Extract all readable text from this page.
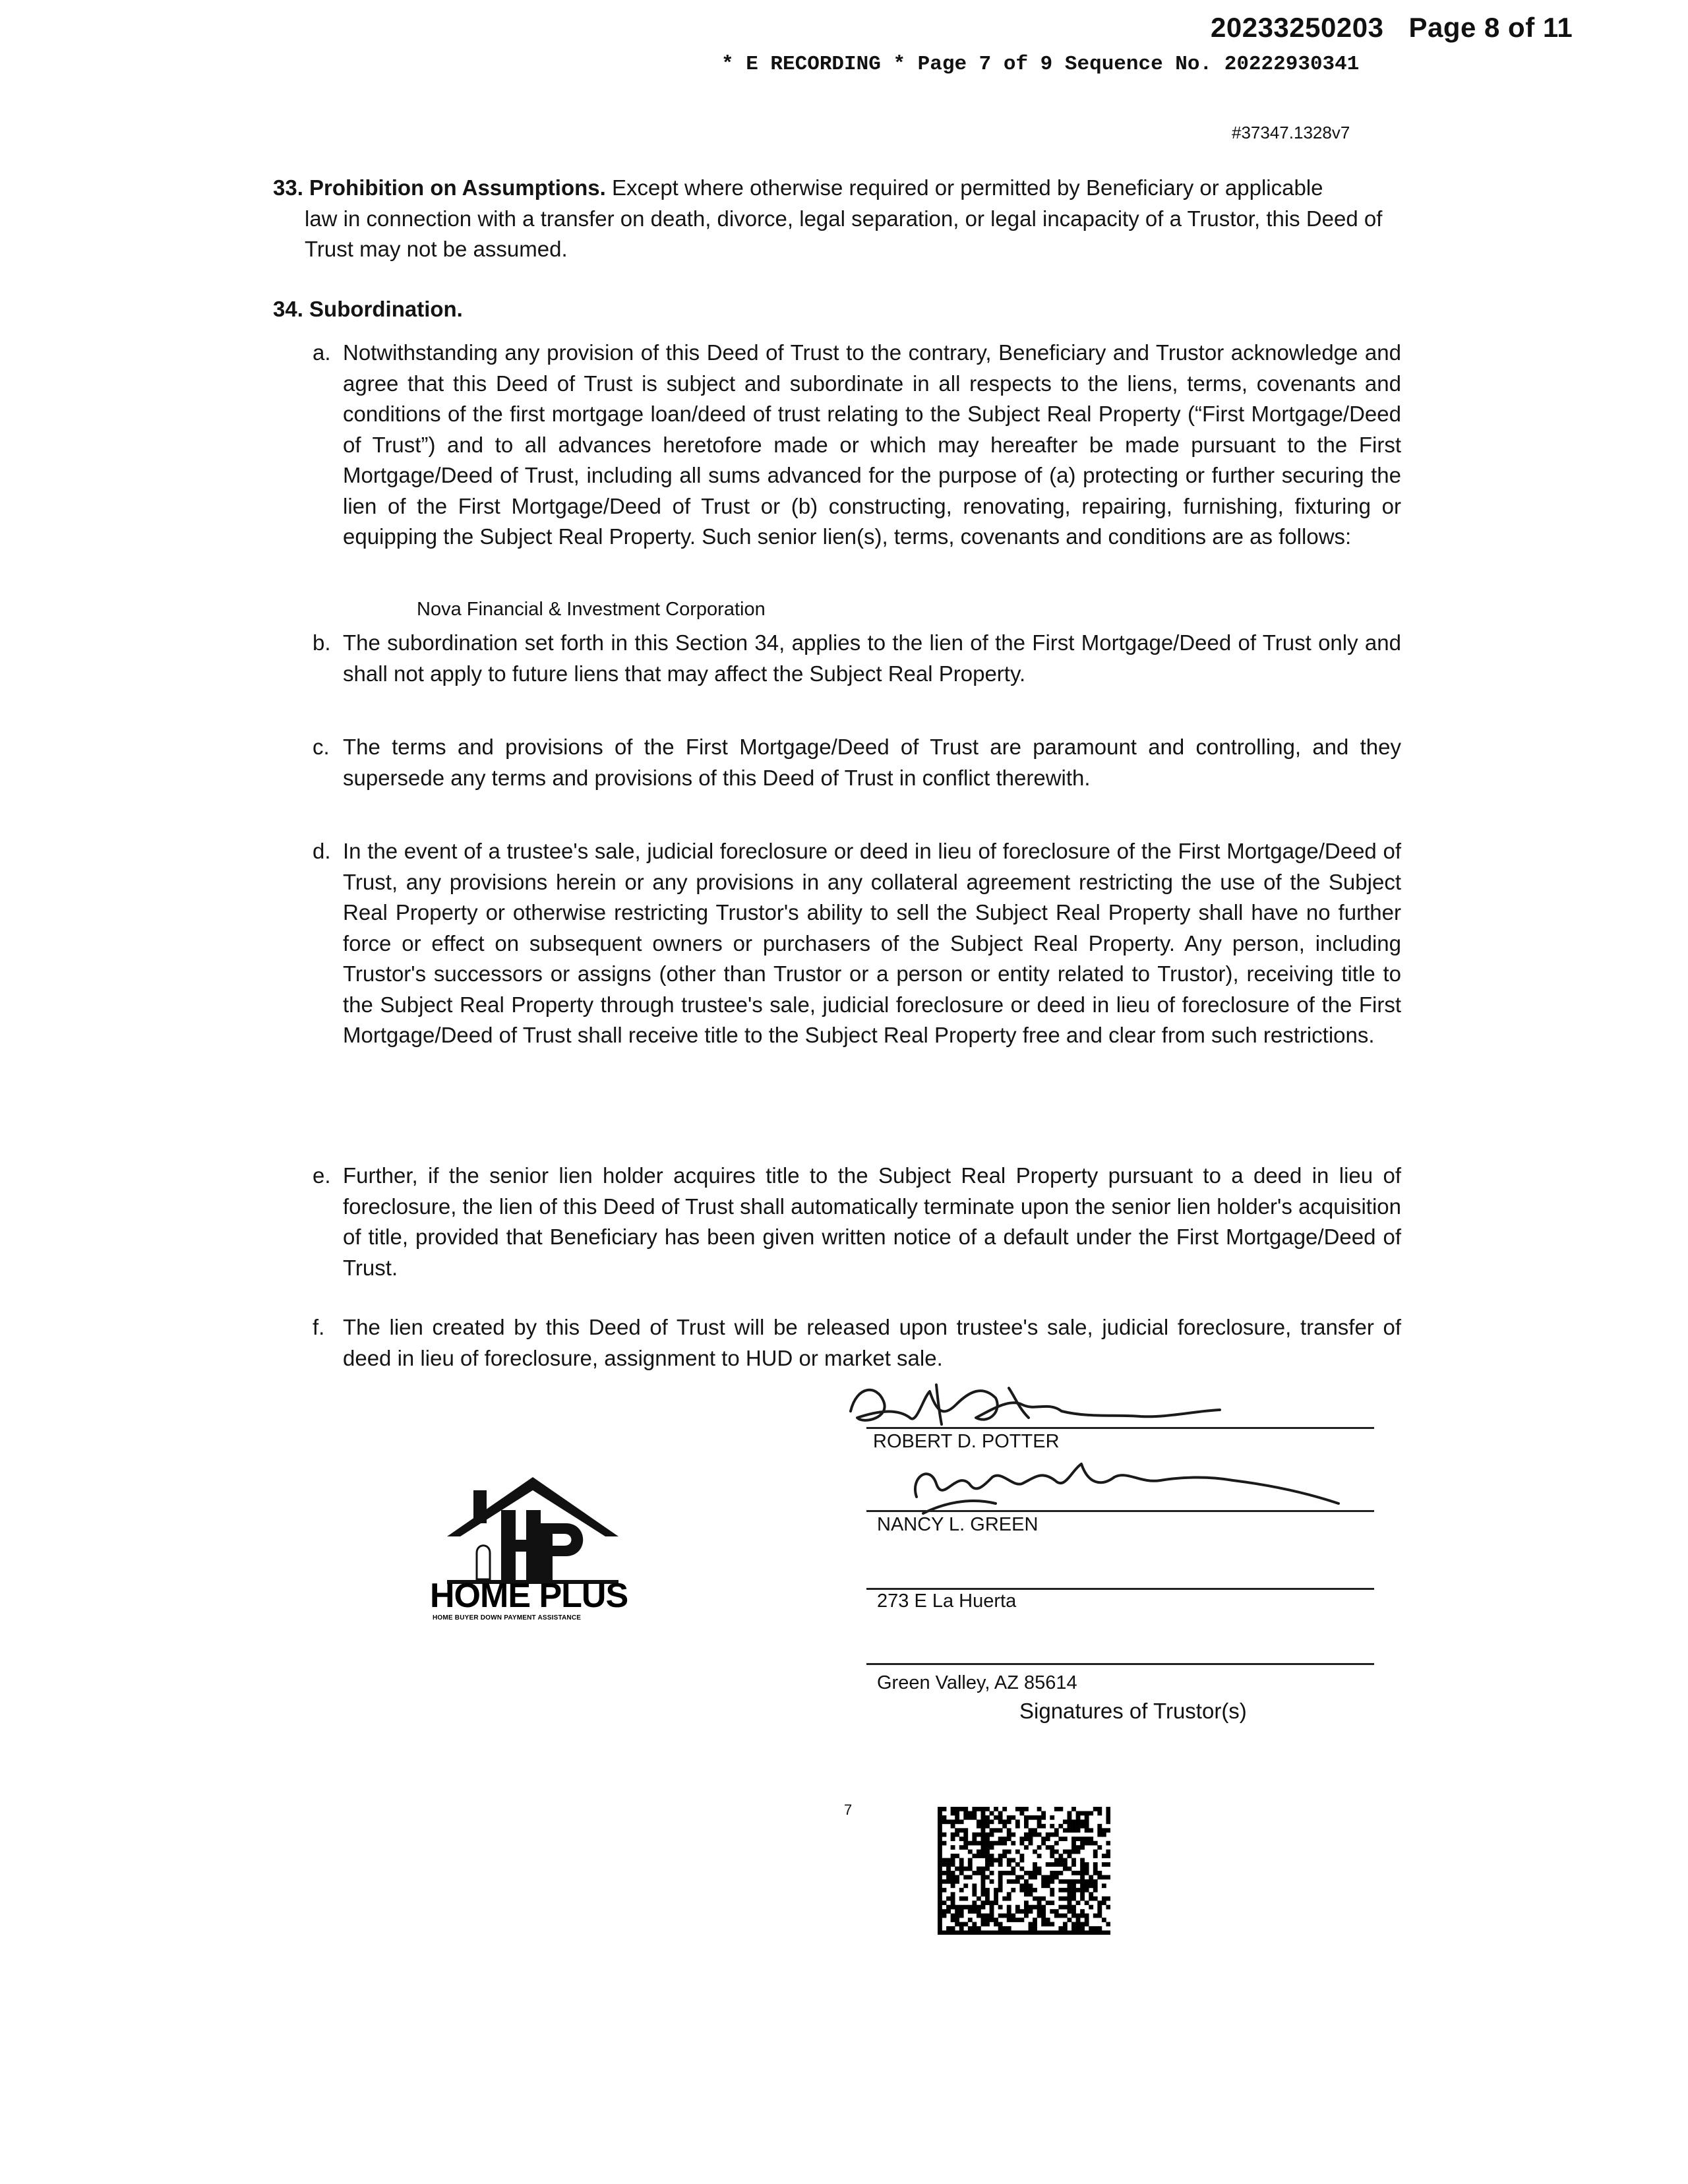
20233250203 Page 8 of 11
* E RECORDING * Page 7 of 9 Sequence No. 20222930341
#37347.1328v7
33. Prohibition on Assumptions. Except where otherwise required or permitted by Beneficiary or applicable
law in connection with a transfer on death, divorce, legal separation, or legal incapacity of a Trustor, this Deed of Trust may not be assumed.
34. Subordination.
a. Notwithstanding any provision of this Deed of Trust to the contrary, Beneficiary and Trustor acknowledge and agree that this Deed of Trust is subject and subordinate in all respects to the liens, terms, covenants and conditions of the first mortgage loan/deed of trust relating to the Subject Real Property (“First Mortgage/Deed of Trust”) and to all advances heretofore made or which may hereafter be made pursuant to the First Mortgage/Deed of Trust, including all sums advanced for the purpose of (a) protecting or further securing the lien of the First Mortgage/Deed of Trust or (b) constructing, renovating, repairing, furnishing, fixturing or equipping the Subject Real Property. Such senior lien(s), terms, covenants and conditions are as follows:

Nova Financial & Investment Corporation
b. The subordination set forth in this Section 34, applies to the lien of the First Mortgage/Deed of Trust only and shall not apply to future liens that may affect the Subject Real Property.

c. The terms and provisions of the First Mortgage/Deed of Trust are paramount and controlling, and they supersede any terms and provisions of this Deed of Trust in conflict therewith.

d. In the event of a trustee's sale, judicial foreclosure or deed in lieu of foreclosure of the First Mortgage/Deed of Trust, any provisions herein or any provisions in any collateral agreement restricting the use of the Subject Real Property or otherwise restricting Trustor's ability to sell the Subject Real Property shall have no further force or effect on subsequent owners or purchasers of the Subject Real Property. Any person, including Trustor's successors or assigns (other than Trustor or a person or entity related to Trustor), receiving title to the Subject Real Property through trustee's sale, judicial foreclosure or deed in lieu of foreclosure of the First Mortgage/Deed of Trust shall receive title to the Subject Real Property free and clear from such restrictions.

e. Further, if the senior lien holder acquires title to the Subject Real Property pursuant to a deed in lieu of foreclosure, the lien of this Deed of Trust shall automatically terminate upon the senior lien holder's acquisition of title, provided that Beneficiary has been given written notice of a default under the First Mortgage/Deed of Trust.

f. The lien created by this Deed of Trust will be released upon trustee's sale, judicial foreclosure, transfer of deed in lieu of foreclosure, assignment to HUD or market sale.

ROBERT D. POTTER
NANCY L. GREEN
273 E La Huerta
Green Valley, AZ 85614
Signatures of Trustor(s)
HOME PLUS
HOME BUYER DOWN PAYMENT ASSISTANCE
7
